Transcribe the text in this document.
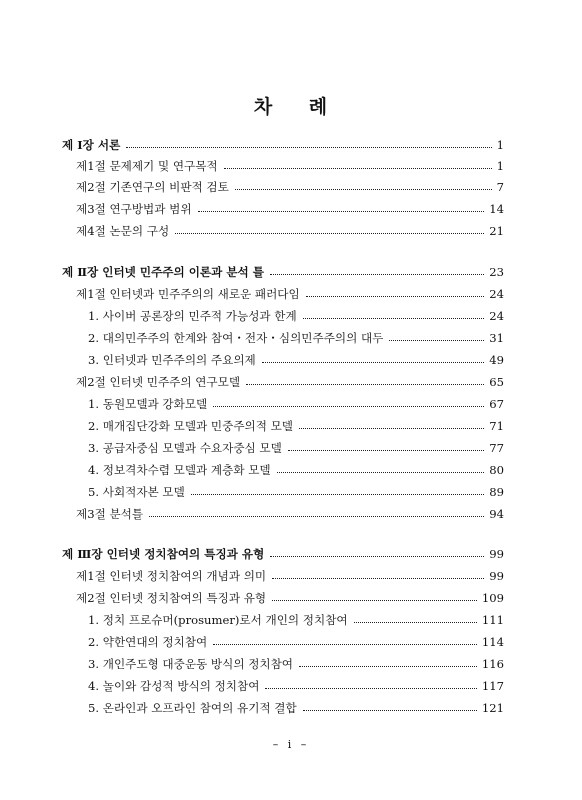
차 례
제 Ⅰ장 서론	1
제1절 문제제기 및 연구목적	1
제2절 기존연구의 비판적 검토	7
제3절 연구방법과 범위	14
제4절 논문의 구성	21
제 Ⅱ장 인터넷 민주주의 이론과 분석 틀	23
제1절 인터넷과 민주주의의 새로운 패러다임	24
1. 사이버 공론장의 민주적 가능성과 한계	24
2. 대의민주주의 한계와 참여・전자・심의민주주의의 대두	31
3. 인터넷과 민주주의의 주요의제	49
제2절 인터넷 민주주의 연구모델	65
1. 동원모델과 강화모델	67
2. 매개집단강화 모델과 민중주의적 모델	71
3. 공급자중심 모델과 수요자중심 모델	77
4. 정보격차수렴 모델과 계층화 모델	80
5. 사회적자본 모델	89
제3절 분석틀	94
제 Ⅲ장 인터넷 정치참여의 특징과 유형	99
제1절 인터넷 정치참여의 개념과 의미	99
제2절 인터넷 정치참여의 특징과 유형	109
1. 정치 프로슈머(prosumer)로서 개인의 정치참여	111
2. 약한연대의 정치참여	114
3. 개인주도형 대중운동 방식의 정치참여	116
4. 놀이와 감성적 방식의 정치참여	117
5. 온라인과 오프라인 참여의 유기적 결합	121
– i –
